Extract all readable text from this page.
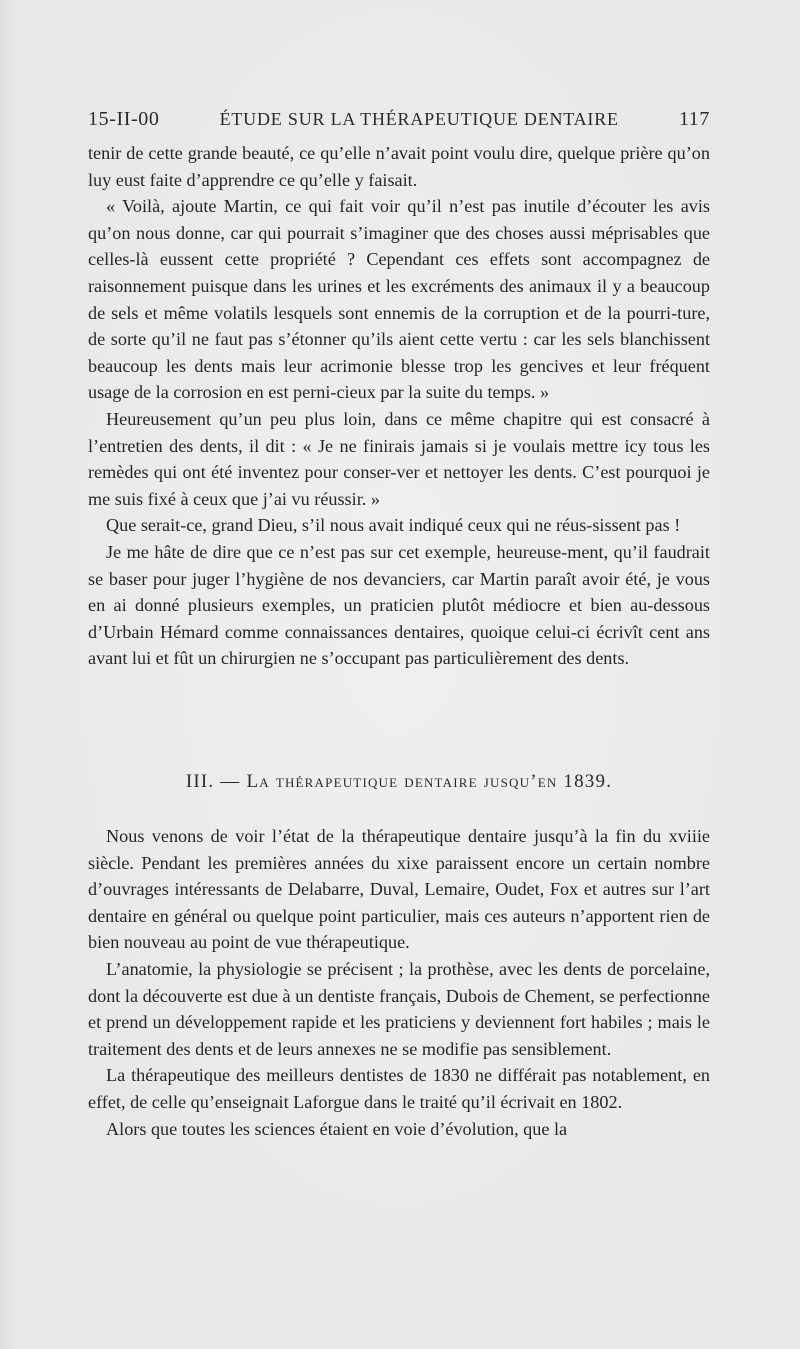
15-II-00	ÉTUDE SUR LA THÉRAPEUTIQUE DENTAIRE	117

tenir de cette grande beauté, ce qu’elle n’avait point voulu dire, quelque prière qu’on luy eust faite d’apprendre ce qu’elle y faisait.

« Voilà, ajoute Martin, ce qui fait voir qu’il n’est pas inutile d’écouter les avis qu’on nous donne, car qui pourrait s’imaginer que des choses aussi méprisables que celles-là eussent cette propriété ? Cependant ces effets sont accompagnez de raisonnement puisque dans les urines et les excréments des animaux il y a beaucoup de sels et même volatils lesquels sont ennemis de la corruption et de la pourri-ture, de sorte qu’il ne faut pas s’étonner qu’ils aient cette vertu : car les sels blanchissent beaucoup les dents mais leur acrimonie blesse trop les gencives et leur fréquent usage de la corrosion en est perni-cieux par la suite du temps. »

Heureusement qu’un peu plus loin, dans ce même chapitre qui est consacré à l’entretien des dents, il dit : « Je ne finirais jamais si je voulais mettre icy tous les remèdes qui ont été inventez pour conser-ver et nettoyer les dents. C’est pourquoi je me suis fixé à ceux que j’ai vu réussir. »

Que serait-ce, grand Dieu, s’il nous avait indiqué ceux qui ne réus-sissent pas !

Je me hâte de dire que ce n’est pas sur cet exemple, heureuse-ment, qu’il faudrait se baser pour juger l’hygiène de nos devanciers, car Martin paraît avoir été, je vous en ai donné plusieurs exemples, un praticien plutôt médiocre et bien au-dessous d’Urbain Hémard comme connaissances dentaires, quoique celui-ci écrivît cent ans avant lui et fût un chirurgien ne s’occupant pas particulièrement des dents.

III. — La thérapeutique dentaire jusqu’en 1839.

Nous venons de voir l’état de la thérapeutique dentaire jusqu’à la fin du xviiie siècle. Pendant les premières années du xixe paraissent encore un certain nombre d’ouvrages intéressants de Delabarre, Duval, Lemaire, Oudet, Fox et autres sur l’art dentaire en général ou quelque point particulier, mais ces auteurs n’apportent rien de bien nouveau au point de vue thérapeutique.

L’anatomie, la physiologie se précisent ; la prothèse, avec les dents de porcelaine, dont la découverte est due à un dentiste français, Dubois de Chement, se perfectionne et prend un développement rapide et les praticiens y deviennent fort habiles ; mais le traitement des dents et de leurs annexes ne se modifie pas sensiblement.

La thérapeutique des meilleurs dentistes de 1830 ne différait pas notablement, en effet, de celle qu’enseignait Laforgue dans le traité qu’il écrivait en 1802.

Alors que toutes les sciences étaient en voie d’évolution, que la
